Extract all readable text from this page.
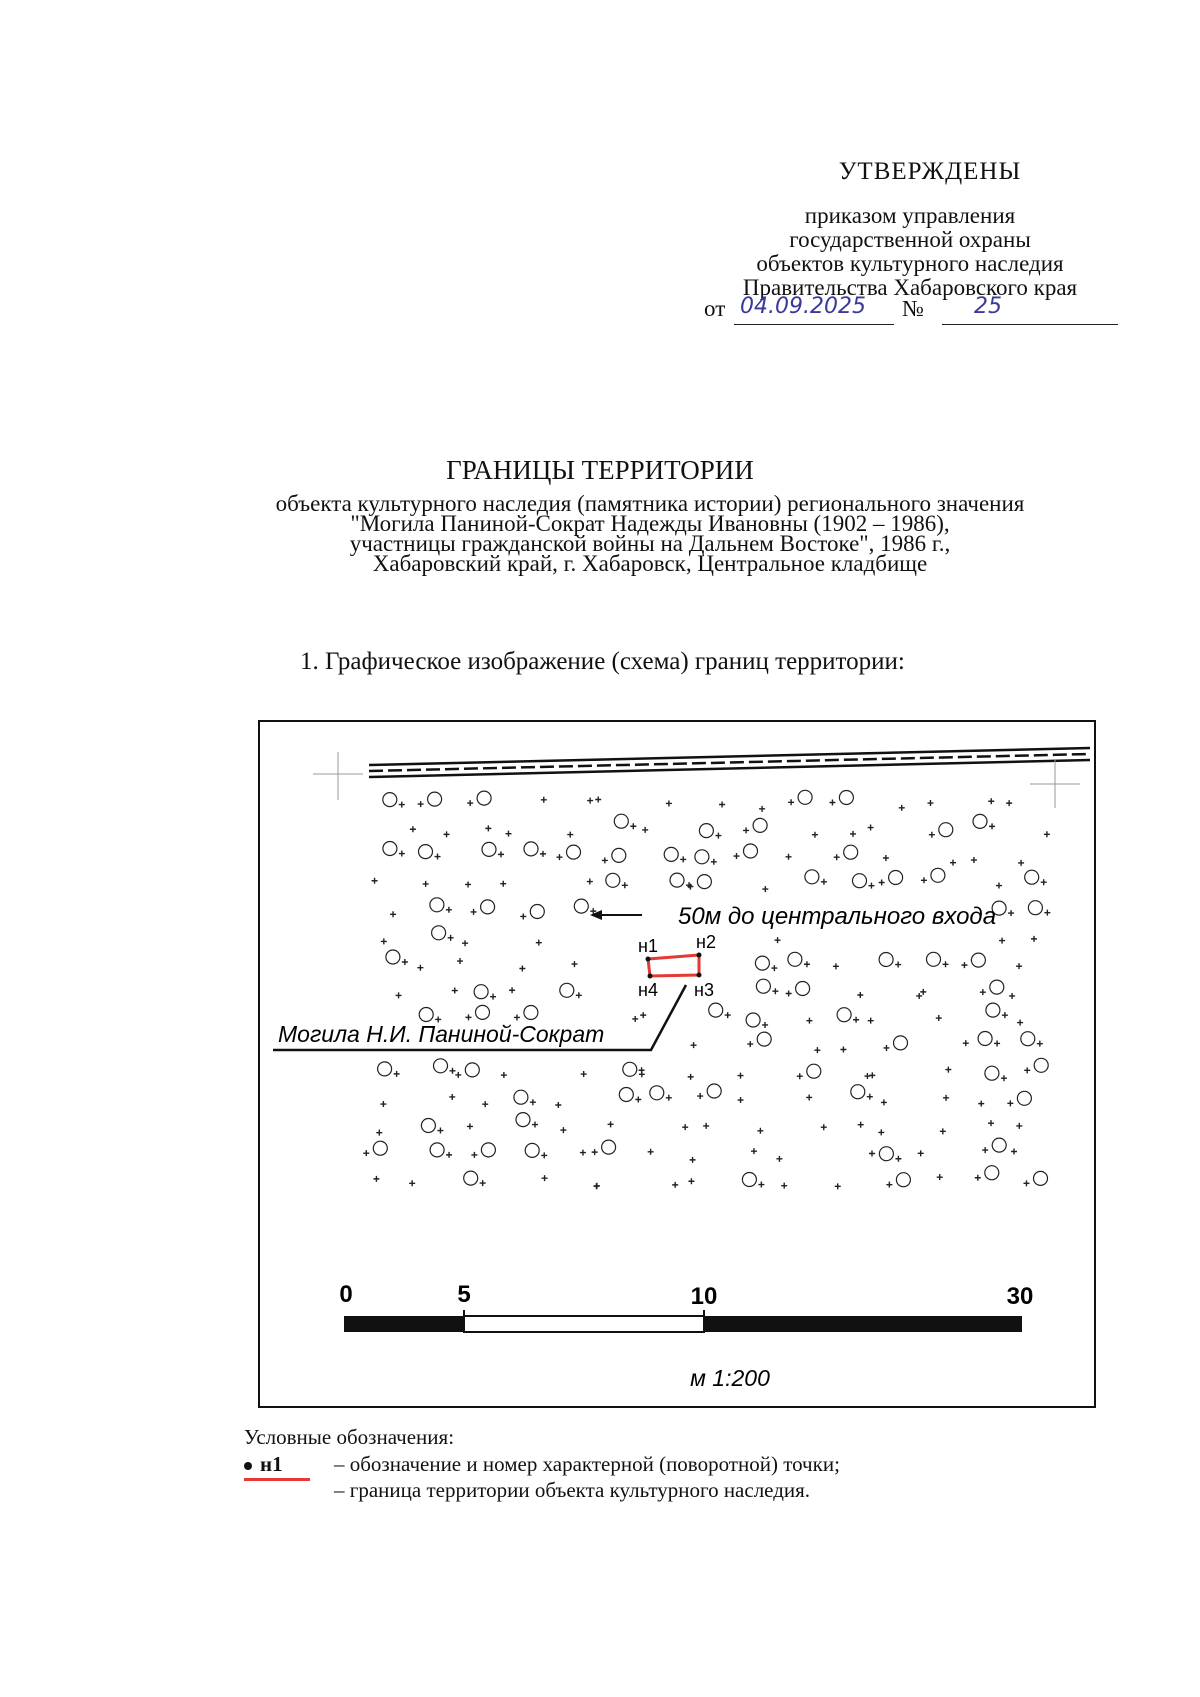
УТВЕРЖДЕНЫ
приказом управления
государственной охраны
объектов культурного наследия
Правительства Хабаровского края
от 04.09.2025 № 25
ГРАНИЦЫ ТЕРРИТОРИИ
объекта культурного наследия (памятника истории) регионального значения
"Могила Паниной-Сократ Надежды Ивановны (1902 – 1986),
участницы гражданской войны на Дальнем Востоке", 1986 г.,
Хабаровский край, г. Хабаровск, Центральное кладбище
1. Графическое изображение (схема) границ территории:
50м до центрального входа
н1 н2
н3
н4
Могила Н.И. Паниной-Сократ
0	5	10	30
м 1:200
Условные обозначения:
н1 – обозначение и номер характерной (поворотной) точки;
– граница территории объекта культурного наследия.
